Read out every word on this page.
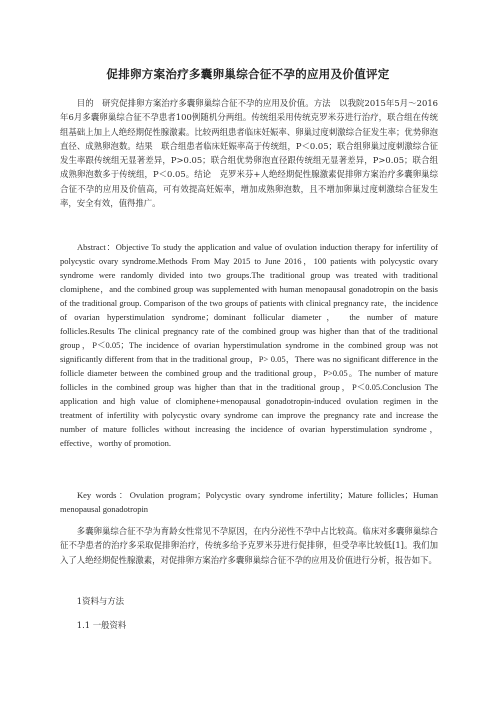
促排卵方案治疗多囊卵巢综合征不孕的应用及价值评定
目的　研究促排卵方案治疗多囊卵巢综合征不孕的应用及价值。方法　以我院2015年5月～2016年6月多囊卵巢综合征不孕患者100例随机分两组。传统组采用传统克罗米芬进行治疗，联合组在传统组基础上加上人绝经期促性腺激素。比较两组患者临床妊娠率、卵巢过度刺激综合征发生率；优势卵泡直径、成熟卵泡数。结果　联合组患者临床妊娠率高于传统组，P＜0.05；联合组卵巢过度刺激综合征发生率跟传统组无显著差异，P>0.05；联合组优势卵泡直径跟传统组无显著差异，P>0.05；联合组成熟卵泡数多于传统组，P＜0.05。结论　克罗米芬+人绝经期促性腺激素促排卵方案治疗多囊卵巢综合征不孕的应用及价值高，可有效提高妊娠率，增加成熟卵泡数，且不增加卵巢过度刺激综合征发生率，安全有效，值得推广。
Abstract：Objective To study the application and value of ovulation induction therapy for infertility of polycystic ovary syndrome.Methods From May 2015 to June 2016，100 patients with polycystic ovary syndrome were randomly divided into two groups.The traditional group was treated with traditional clomiphene，and the combined group was supplemented with human menopausal gonadotropin on the basis of the traditional group. Comparison of the two groups of patients with clinical pregnancy rate，the incidence of ovarian hyperstimulation syndrome；dominant follicular diameter，　the number of mature follicles.Results The clinical pregnancy rate of the combined group was higher than that of the traditional group，P＜0.05；The incidence of ovarian hyperstimulation syndrome in the combined group was not significantly different from that in the traditional group，P> 0.05，There was no significant difference in the follicle diameter between the combined group and the traditional group，P>0.05。The number of mature follicles in the combined group was higher than that in the traditional group，P＜0.05.Conclusion The application and high value of clomiphene+menopausal gonadotropin-induced ovulation regimen in the treatment of infertility with polycystic ovary syndrome can improve the pregnancy rate and increase the number of mature follicles without increasing the incidence of ovarian hyperstimulation syndrome，effective，worthy of promotion.
Key words：Ovulation program；Polycystic ovary syndrome infertility；Mature follicles；Human menopausal gonadotropin
多囊卵巢综合征不孕为育龄女性常见不孕原因，在内分泌性不孕中占比较高。临床对多囊卵巢综合征不孕患者的治疗多采取促排卵治疗，传统多给予克罗米芬进行促排卵，但受孕率比较低[1]。我们加入了人绝经期促性腺激素，对促排卵方案治疗多囊卵巢综合征不孕的应用及价值进行分析，报告如下。
1资料与方法
1.1 一般资料
